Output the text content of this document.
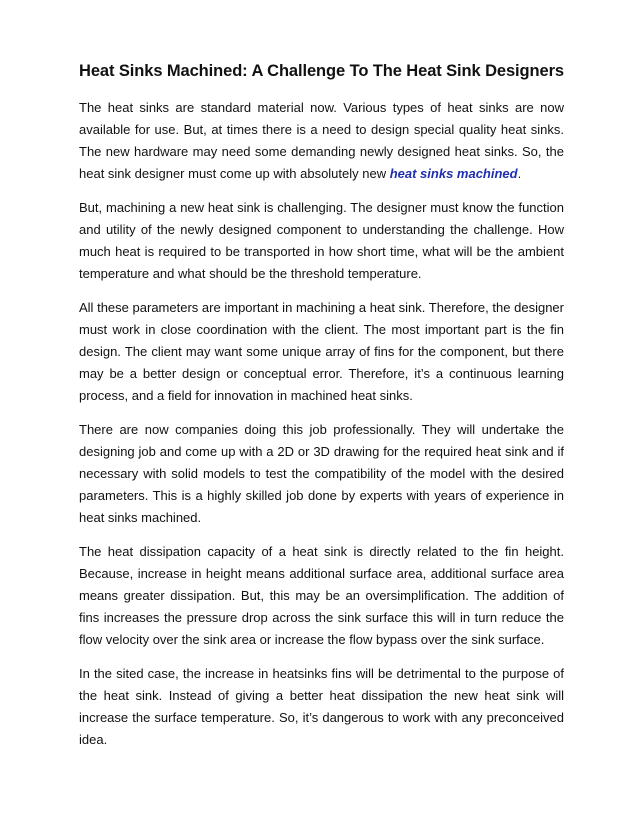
Heat Sinks Machined: A Challenge To The Heat Sink Designers

The heat sinks are standard material now. Various types of heat sinks are now available for use. But, at times there is a need to design special quality heat sinks. The new hardware may need some demanding newly designed heat sinks. So, the heat sink designer must come up with absolutely new heat sinks machined.

But, machining a new heat sink is challenging. The designer must know the function and utility of the newly designed component to understanding the challenge. How much heat is required to be transported in how short time, what will be the ambient temperature and what should be the threshold temperature.

All these parameters are important in machining a heat sink. Therefore, the designer must work in close coordination with the client. The most important part is the fin design. The client may want some unique array of fins for the component, but there may be a better design or conceptual error. Therefore, it’s a continuous learning process, and a field for innovation in machined heat sinks.

There are now companies doing this job professionally. They will undertake the designing job and come up with a 2D or 3D drawing for the required heat sink and if necessary with solid models to test the compatibility of the model with the desired parameters. This is a highly skilled job done by experts with years of experience in heat sinks machined.

The heat dissipation capacity of a heat sink is directly related to the fin height. Because, increase in height means additional surface area, additional surface area means greater dissipation. But, this may be an oversimplification. The addition of fins increases the pressure drop across the sink surface this will in turn reduce the flow velocity over the sink area or increase the flow bypass over the sink surface.

In the sited case, the increase in heatsinks fins will be detrimental to the purpose of the heat sink. Instead of giving a better heat dissipation the new heat sink will increase the surface temperature. So, it’s dangerous to work with any preconceived idea.
